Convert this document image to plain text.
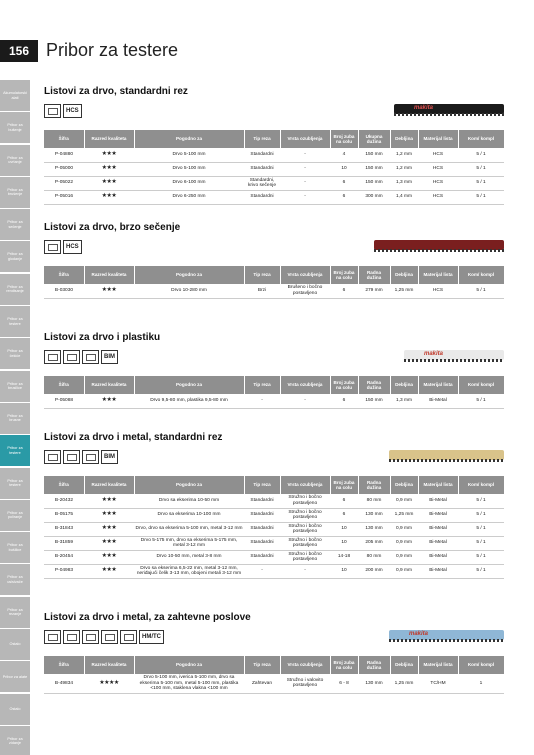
156 Pribor za testere
Akumulatorski alati
Pribor za bušenje
Pribor za uvrtanje
Pribor za brušenje
Pribor za sečenje
Pribor za glodanje
Pribor za rendisanje
Pribor za testere
Pribor za čekiće
Pribor za brusilice
Pribor za brusne
Pribor za testere
Pribor za testere
Pribor za poliranje
Pribor za bušilice
Pribor za usisivače
Pribor za rezanje
Ostalo
Pribor za alate
Ostalo
Pribor za zidanje
Listovi za drvo, standardni rez
HCS	makita
Šifra	Razred kvaliteta	Pogodno za	Tip reza	Vrsta ozubljenja	Broj zuba na colu	Ukupna dužina	Debljina	Materijal lista	Kom/ kompl
P-04880	★★★	Drvo 5-100 mm	Standardni	-	4	150 mm	1,2 mm	HCS	5 / 1
P-05000	★★★	Drvo 5-100 mm	Standardni	-	10	150 mm	1,2 mm	HCS	5 / 1
P-05022	★★★	Drvo 6-100 mm	Standardni, krivo sečenje	-	6	150 mm	1,3 mm	HCS	5 / 1
P-05016	★★★	Drvo 6-250 mm	Standardni	-	6	300 mm	1,4 mm	HCS	5 / 1
Listovi za drvo, brzo sečenje
HCS
Šifra	Razred kvaliteta	Pogodno za	Tip reza	Vrsta ozubljenja	Broj zuba na colu	Radna dužina	Debljina	Materijal lista	Kom/ kompl
B-03030	★★★	Drvo 10-280 mm	Brzi	Brušeno i bočno postavljeno	6	279 mm	1,25 mm	HCS	5 / 1
Listovi za drvo i plastiku
BIM	makita
Šifra	Razred kvaliteta	Pogodno za	Tip reza	Vrsta ozubljenja	Broj zuba na colu	Radna dužina	Debljina	Materijal lista	Kom/ kompl
P-05088	★★★	Drvo 9,5-80 mm, plastika 9,5-80 mm	-	-	6	150 mm	1,3 mm	Bi-Metal	5 / 1
Listovi za drvo i metal, standardni rez
BIM
Šifra	Razred kvaliteta	Pogodno za	Tip reza	Vrsta ozubljenja	Broj zuba na colu	Radna dužina	Debljina	Materijal lista	Kom/ kompl
B-20432	★★★	Drvo sa ekserima 10-50 mm	Standardni	Stružno i bočno postavljeno	6	80 mm	0,9 mm	Bi-Metal	5 / 1
B-05175	★★★	Drvo sa ekserima 10-100 mm	Standardni	Stružno i bočno postavljeno	6	130 mm	1,25 mm	Bi-Metal	5 / 1
B-31843	★★★	Drvo, drvo sa ekserima 5-100 mm, metal 3-12 mm	Standardni	Stružno i bočno postavljeno	10	130 mm	0,9 mm	Bi-Metal	5 / 1
B-31859	★★★	Drvo 5-175 mm, drvo sa ekserima 5-175 mm, metal 3-12 mm	Standardni	Stružno i bočno postavljeno	10	205 mm	0,9 mm	Bi-Metal	5 / 1
B-20454	★★★	Drvo 10-50 mm, metal 3-8 mm	Standardni	Stružno i bočno postavljeno	14-18	80 mm	0,9 mm	Bi-Metal	5 / 1
P-04983	★★★	Drvo sa ekserima 6,5-22 mm, metal 3-12 mm, neriđajući čelik 3-13 mm, obojeni metali 3-12 mm	-	-	10	200 mm	0,9 mm	Bi-Metal	5 / 1
Listovi za drvo i metal, za zahtevne poslove
HM/TC	makita
Šifra	Razred kvaliteta	Pogodno za	Tip reza	Vrsta ozubljenja	Broj zuba na colu	Radna dužina	Debljina	Materijal lista	Kom/ kompl
B-49834	★★★★	Drvo 5-100 mm, iverica 5-100 mm, drvo sa ekserima 5-100 mm, metal 5-100 mm, plastika <100 mm, staklena vlakna <100 mm	Zahtevan	Stružno i valovito postavljeno	6 - 8	130 mm	1,25 mm	TC/HM	1
